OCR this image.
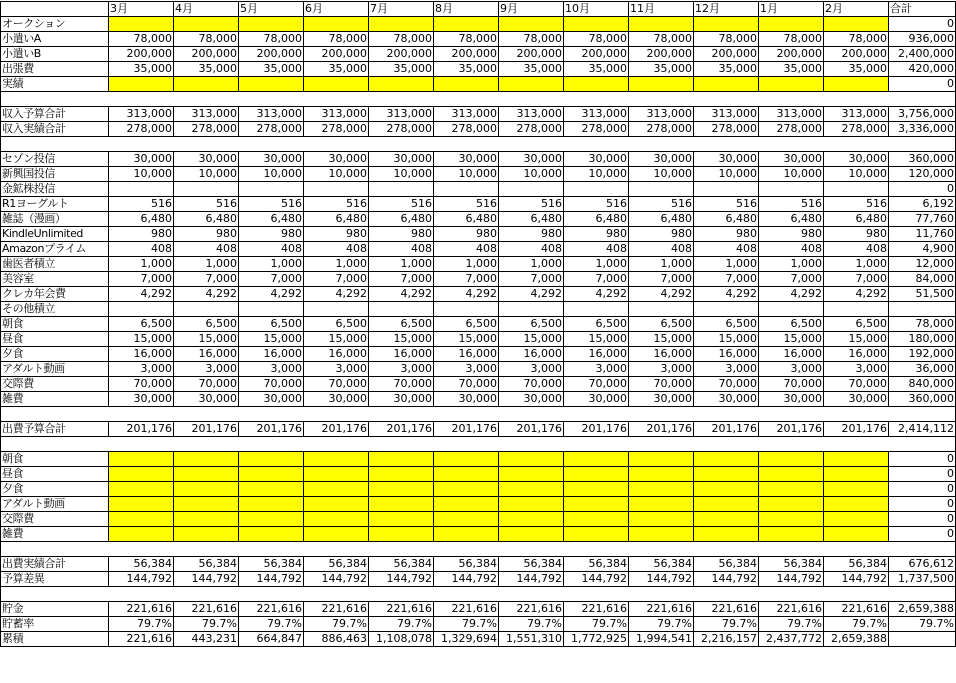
	3月	4月	5月	6月	7月	8月	9月	10月	11月	12月	1月	2月	合計
オークション													0
小遣いA	78,000	78,000	78,000	78,000	78,000	78,000	78,000	78,000	78,000	78,000	78,000	78,000	936,000
小遣いB	200,000	200,000	200,000	200,000	200,000	200,000	200,000	200,000	200,000	200,000	200,000	200,000	2,400,000
出張費	35,000	35,000	35,000	35,000	35,000	35,000	35,000	35,000	35,000	35,000	35,000	35,000	420,000
実績													0

収入予算合計	313,000	313,000	313,000	313,000	313,000	313,000	313,000	313,000	313,000	313,000	313,000	313,000	3,756,000
収入実績合計	278,000	278,000	278,000	278,000	278,000	278,000	278,000	278,000	278,000	278,000	278,000	278,000	3,336,000

セゾン投信	30,000	30,000	30,000	30,000	30,000	30,000	30,000	30,000	30,000	30,000	30,000	30,000	360,000
新興国投信	10,000	10,000	10,000	10,000	10,000	10,000	10,000	10,000	10,000	10,000	10,000	10,000	120,000
金鉱株投信													0
R1ヨーグルト	516	516	516	516	516	516	516	516	516	516	516	516	6,192
雑誌（漫画）	6,480	6,480	6,480	6,480	6,480	6,480	6,480	6,480	6,480	6,480	6,480	6,480	77,760
KindleUnlimited	980	980	980	980	980	980	980	980	980	980	980	980	11,760
Amazonプライム	408	408	408	408	408	408	408	408	408	408	408	408	4,900
歯医者積立	1,000	1,000	1,000	1,000	1,000	1,000	1,000	1,000	1,000	1,000	1,000	1,000	12,000
美容室	7,000	7,000	7,000	7,000	7,000	7,000	7,000	7,000	7,000	7,000	7,000	7,000	84,000
クレカ年会費	4,292	4,292	4,292	4,292	4,292	4,292	4,292	4,292	4,292	4,292	4,292	4,292	51,500
その他積立													
朝食	6,500	6,500	6,500	6,500	6,500	6,500	6,500	6,500	6,500	6,500	6,500	6,500	78,000
昼食	15,000	15,000	15,000	15,000	15,000	15,000	15,000	15,000	15,000	15,000	15,000	15,000	180,000
夕食	16,000	16,000	16,000	16,000	16,000	16,000	16,000	16,000	16,000	16,000	16,000	16,000	192,000
アダルト動画	3,000	3,000	3,000	3,000	3,000	3,000	3,000	3,000	3,000	3,000	3,000	3,000	36,000
交際費	70,000	70,000	70,000	70,000	70,000	70,000	70,000	70,000	70,000	70,000	70,000	70,000	840,000
雑費	30,000	30,000	30,000	30,000	30,000	30,000	30,000	30,000	30,000	30,000	30,000	30,000	360,000

出費予算合計	201,176	201,176	201,176	201,176	201,176	201,176	201,176	201,176	201,176	201,176	201,176	201,176	2,414,112

朝食													0
昼食													0
夕食													0
アダルト動画													0
交際費													0
雑費													0

出費実績合計	56,384	56,384	56,384	56,384	56,384	56,384	56,384	56,384	56,384	56,384	56,384	56,384	676,612
予算差異	144,792	144,792	144,792	144,792	144,792	144,792	144,792	144,792	144,792	144,792	144,792	144,792	1,737,500

貯金	221,616	221,616	221,616	221,616	221,616	221,616	221,616	221,616	221,616	221,616	221,616	221,616	2,659,388
貯蓄率	79.7%	79.7%	79.7%	79.7%	79.7%	79.7%	79.7%	79.7%	79.7%	79.7%	79.7%	79.7%	79.7%
累積	221,616	443,231	664,847	886,463	1,108,078	1,329,694	1,551,310	1,772,925	1,994,541	2,216,157	2,437,772	2,659,388	
